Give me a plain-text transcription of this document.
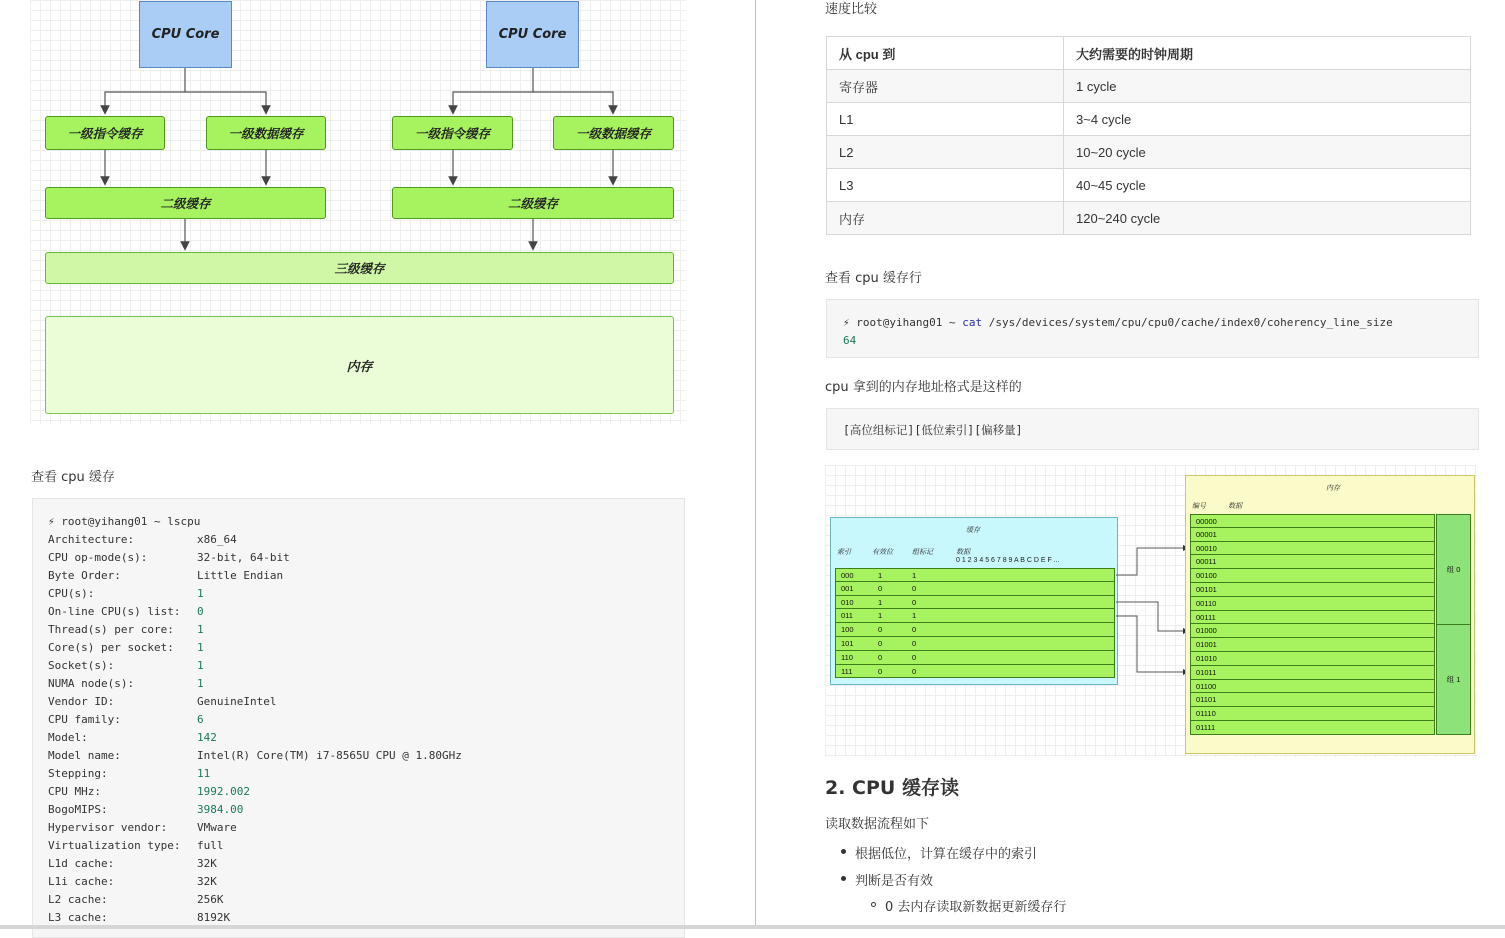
CPU Core	CPU Core
一级指令缓存	一级数据缓存	一级指令缓存	一级数据缓存
二级缓存	二级缓存
三级缓存
内存
查看 cpu 缓存
⚡ root@yihang01 ~ lscpu
Architecture:	x86_64
CPU op-mode(s):	32-bit, 64-bit
Byte Order:	Little Endian
CPU(s):	1
On-line CPU(s) list: 0
Thread(s) per core: 1
Core(s) per socket: 1
Socket(s):	1
NUMA node(s):	1
Vendor ID:	GenuineIntel
CPU family:	6
Model:	142
Model name:	Intel(R) Core(TM) i7-8565U CPU @ 1.80GHz
Stepping:	11
CPU MHz:	1992.002
BogoMIPS:	3984.00
Hypervisor vendor:	VMware
Virtualization type: full
L1d cache:	32K
L1i cache:	32K
L2 cache:	256K
L3 cache:	8192K
速度比较
从 cpu 到	大约需要的时钟周期
寄存器	1 cycle
L1	3~4 cycle
L2	10~20 cycle
L3	40~45 cycle
内存	120~240 cycle
查看 cpu 缓存行
⚡ root@yihang01 ~ cat /sys/devices/system/cpu/cpu0/cache/index0/coherency_line_size
64
cpu 拿到的内存地址格式是这样的
[高位组标记][低位索引][偏移量]
缓存
索引	有效位	组标记	数据
0 1 2 3 4 5 6 7 8 9 A B C D E F ...
000	1	1
001	0	0
010	1	0
011	1	1
100	0	0
101	0	0
110	0	0
111	0	0
内存
编号	数据
00000
00001
00010
00011
00100
00101
00110
00111
01000
01001
01010
01011
01100
01101
01110
01111
组 0
组 1
2. CPU 缓存读
读取数据流程如下
根据低位，计算在缓存中的索引
判断是否有效
0 去内存读取新数据更新缓存行
